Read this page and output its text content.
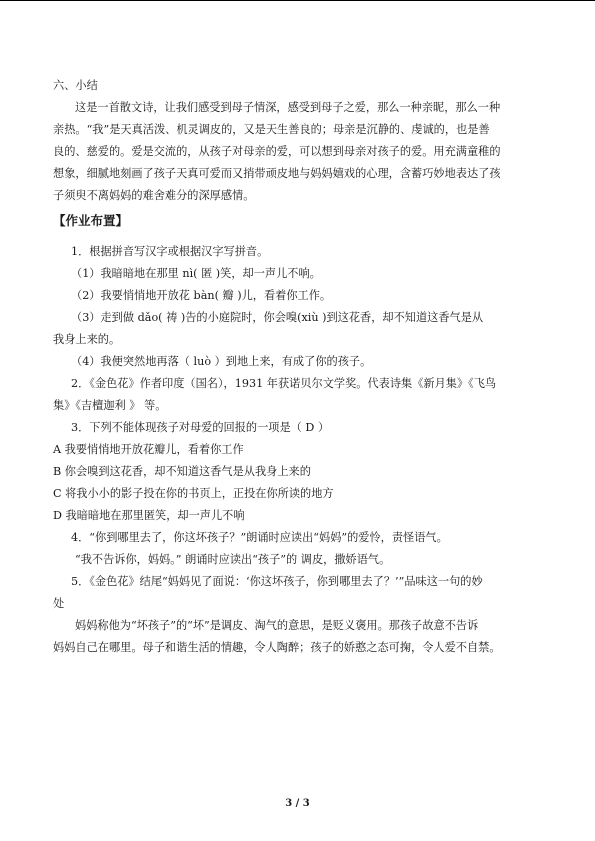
六、小结
这是一首散文诗，让我们感受到母子情深，感受到母子之爱，那么一种亲昵，那么一种
亲热。“我”是天真活泼、机灵调皮的，又是天生善良的；母亲是沉静的、虔诚的，也是善
良的、慈爱的。爱是交流的，从孩子对母亲的爱，可以想到母亲对孩子的爱。用充满童稚的
想象，细腻地刻画了孩子天真可爱而又捎带顽皮地与妈妈嬉戏的心理，含蓄巧妙地表达了孩
子须臾不离妈妈的难舍难分的深厚感情。
【作业布置】
1．根据拼音写汉字或根据汉字写拼音。
（1）我暗暗地在那里 nì( 匿 )笑，却一声儿不响。
（2）我要悄悄地开放花 bàn( 瓣 )儿，看着你工作。
（3）走到做 dǎo( 祷 )告的小庭院时，你会嗅(xiù )到这花香，却不知道这香气是从
我身上来的。
（4）我便突然地再落（ luò ）到地上来，有成了你的孩子。
2．《金色花》作者印度（国名），1931 年获诺贝尔文学奖。代表诗集《新月集》《飞鸟
集》《吉檀迦利 》 等。
3．下列不能体现孩子对母爱的回报的一项是（ D ）
A 我要悄悄地开放花瓣儿，看着你工作
B 你会嗅到这花香，却不知道这香气是从我身上来的
C 将我小小的影子投在你的书页上，正投在你所读的地方
D 我暗暗地在那里匿笑，却一声儿不响
4．“你到哪里去了，你这坏孩子？”朗诵时应读出“妈妈”的爱怜，责怪语气。
“我不告诉你，妈妈。” 朗诵时应读出“孩子”的 调皮，撒娇语气。
5．《金色花》结尾“妈妈见了面说：‘你这坏孩子，你到哪里去了？’”品味这一句的妙
处
妈妈称他为“坏孩子”的“坏”是调皮、淘气的意思，是贬义褒用。那孩子故意不告诉
妈妈自己在哪里。母子和谐生活的情趣，令人陶醉；孩子的娇憨之态可掬，令人爱不自禁。
3 / 3
